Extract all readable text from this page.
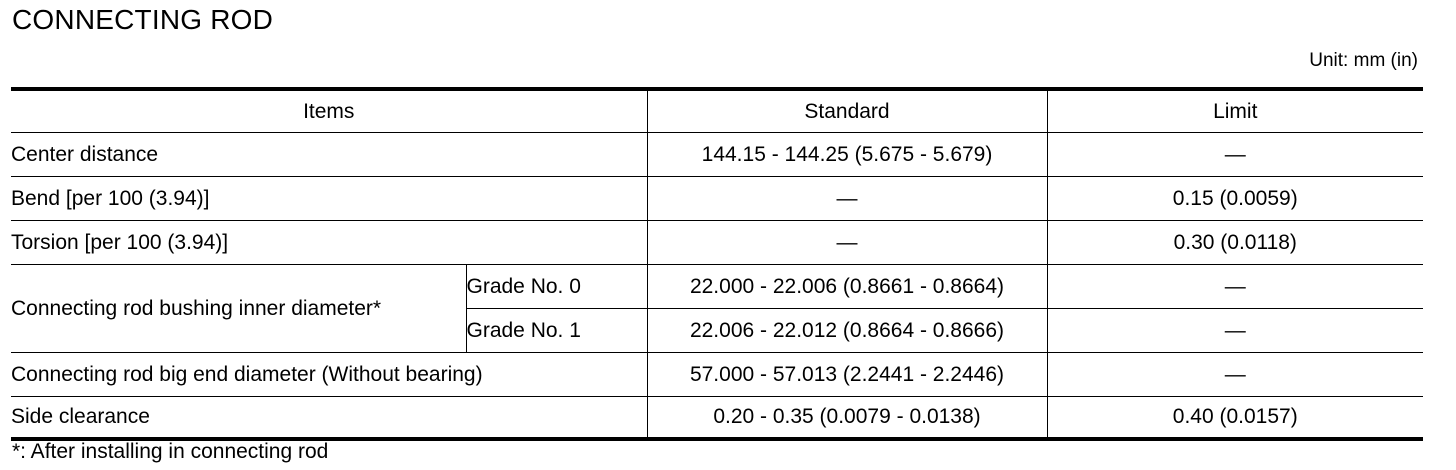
CONNECTING ROD
Unit: mm (in)
Items		Standard	Limit
Center distance		144.15 - 144.25 (5.675 - 5.679)	—
Bend [per 100 (3.94)]		—	0.15 (0.0059)
Torsion [per 100 (3.94)]		—	0.30 (0.0118)
Connecting rod bushing inner diameter*	Grade No. 0	22.000 - 22.006 (0.8661 - 0.8664)	—
	Grade No. 1	22.006 - 22.012 (0.8664 - 0.8666)	—
Connecting rod big end diameter (Without bearing)		57.000 - 57.013 (2.2441 - 2.2446)	—
Side clearance		0.20 - 0.35 (0.0079 - 0.0138)	0.40 (0.0157)
*: After installing in connecting rod
